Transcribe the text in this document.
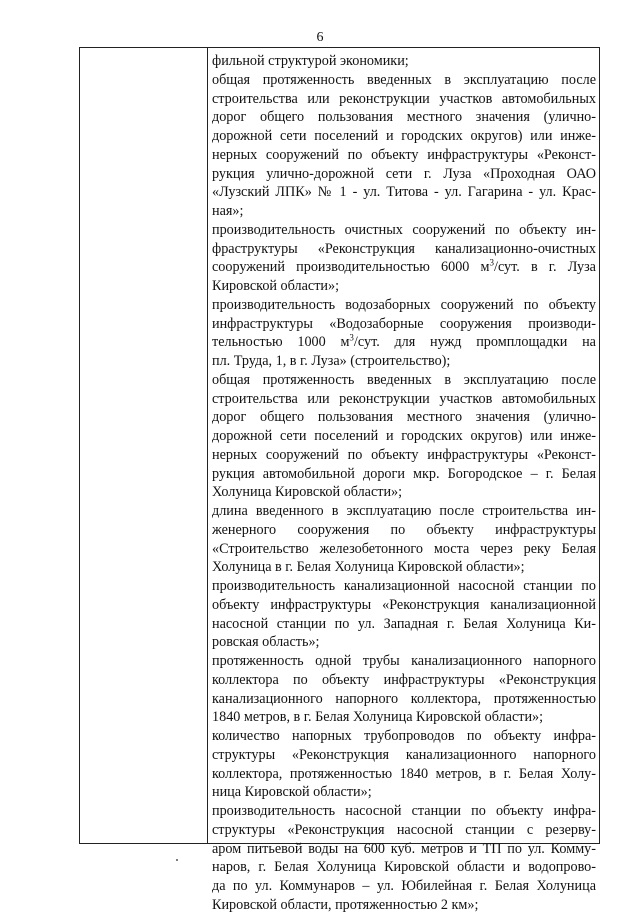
6
фильной структурой экономики;
общая протяженность введенных в эксплуатацию после
строительства или реконструкции участков автомобильных
дорог общего пользования местного значения (улично-
дорожной сети поселений и городских округов) или инже-
нерных сооружений по объекту инфраструктуры «Реконст-
рукция улично-дорожной сети г. Луза «Проходная ОАО
«Лузский ЛПК» № 1 - ул. Титова - ул. Гагарина - ул. Крас-
ная»;
производительность очистных сооружений по объекту ин-
фраструктуры «Реконструкция канализационно-очистных
сооружений производительностью 6000 $м^3$/сут. в г. Луза
Кировской области»;
производительность водозаборных сооружений по объекту
инфраструктуры «Водозаборные сооружения производи-
тельностью 1000 $м^3$/сут. для нужд промплощадки на
пл. Труда, 1, в г. Луза» (строительство);
общая протяженность введенных в эксплуатацию после
строительства или реконструкции участков автомобильных
дорог общего пользования местного значения (улично-
дорожной сети поселений и городских округов) или инже-
нерных сооружений по объекту инфраструктуры «Реконст-
рукция автомобильной дороги мкр. Богородское – г. Белая
Холуница Кировской области»;
длина введенного в эксплуатацию после строительства ин-
женерного сооружения по объекту инфраструктуры
«Строительство железобетонного моста через реку Белая
Холуница в г. Белая Холуница Кировской области»;
производительность канализационной насосной станции по
объекту инфраструктуры «Реконструкция канализационной
насосной станции по ул. Западная г. Белая Холуница Ки-
ровская область»;
протяженность одной трубы канализационного напорного
коллектора по объекту инфраструктуры «Реконструкция
канализационного напорного коллектора, протяженностью
1840 метров, в г. Белая Холуница Кировской области»;
количество напорных трубопроводов по объекту инфра-
структуры «Реконструкция канализационного напорного
коллектора, протяженностью 1840 метров, в г. Белая Холу-
ница Кировской области»;
производительность насосной станции по объекту инфра-
структуры «Реконструкция насосной станции с резерву-
аром питьевой воды на 600 куб. метров и ТП по ул. Комму-
наров, г. Белая Холуница Кировской области и водопрово-
да по ул. Коммунаров – ул. Юбилейная г. Белая Холуница
Кировской области, протяженностью 2 км»;
